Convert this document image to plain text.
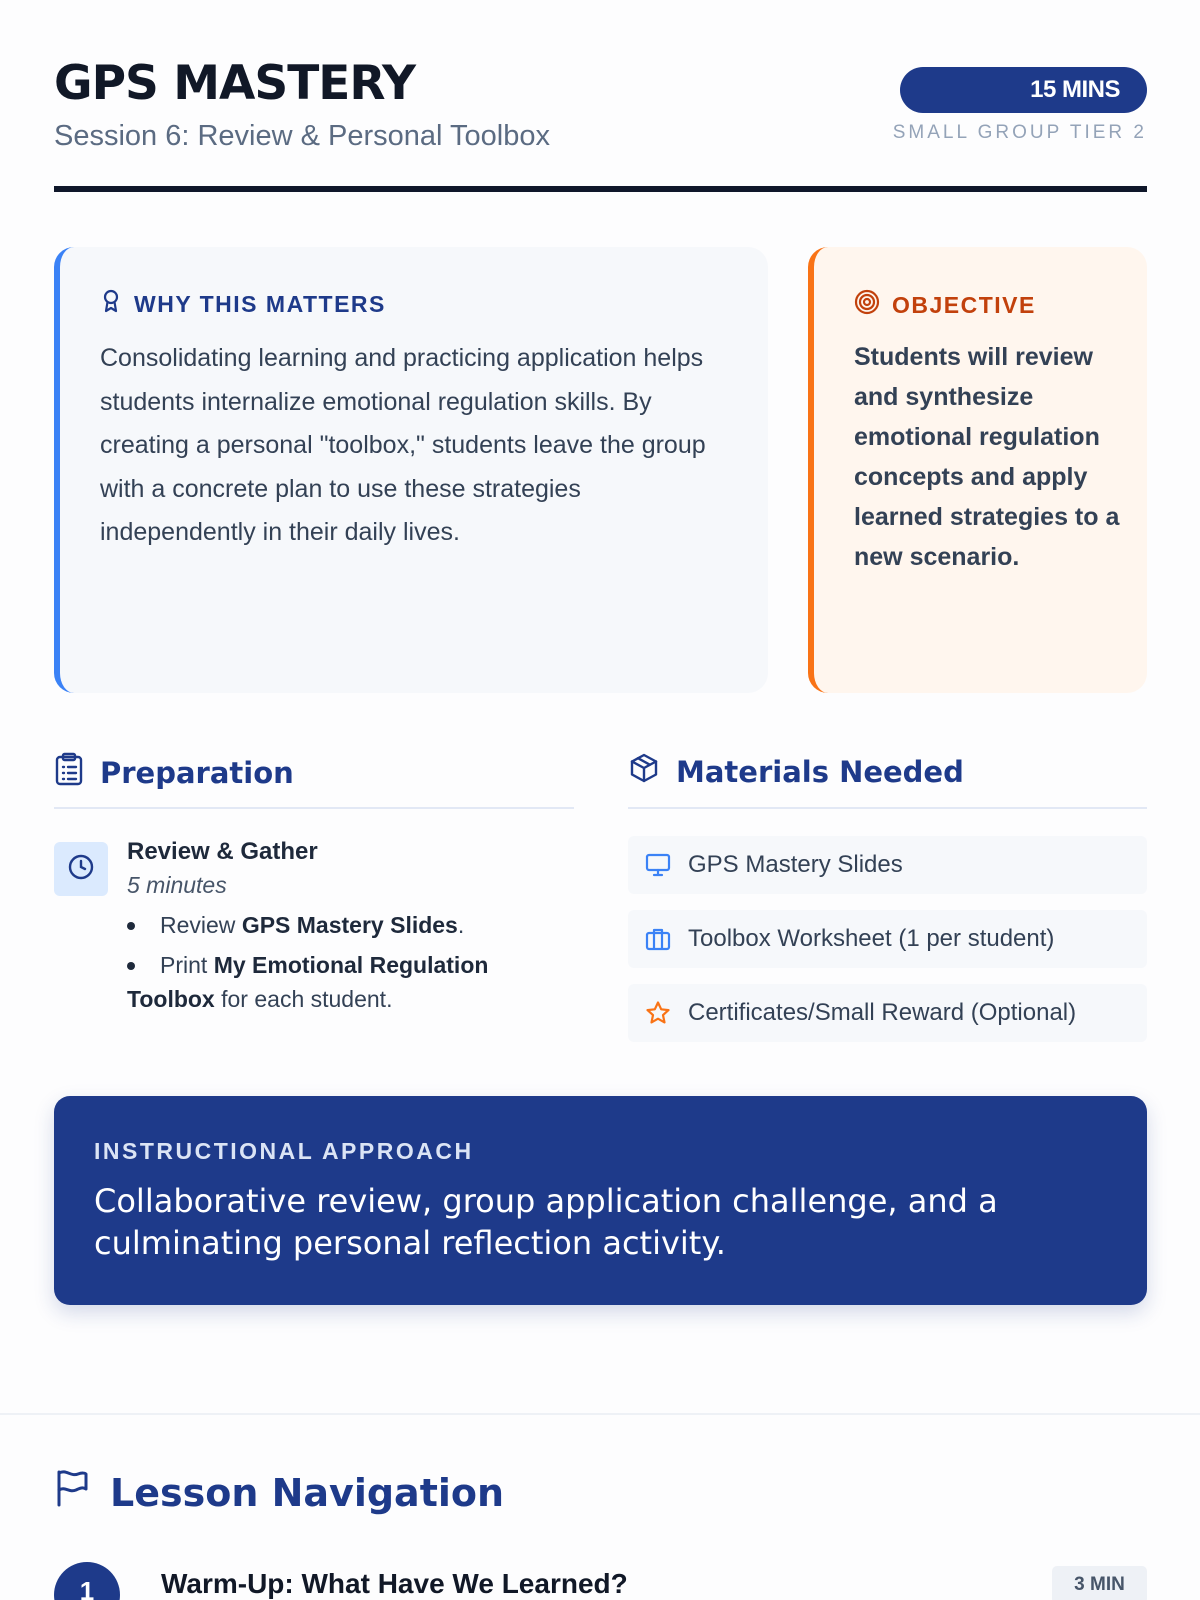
GPS MASTERY
Session 6: Review & Personal Toolbox
15 MINS
SMALL GROUP TIER 2
WHY THIS MATTERS
Consolidating learning and practicing application helps students internalize emotional regulation skills. By creating a personal "toolbox," students leave the group with a concrete plan to use these strategies independently in their daily lives.
OBJECTIVE
Students will review and synthesize emotional regulation concepts and apply learned strategies to a new scenario.
Preparation
Review & Gather
5 minutes
Review GPS Mastery Slides.
Print My Emotional Regulation Toolbox for each student.
Materials Needed
GPS Mastery Slides
Toolbox Worksheet (1 per student)
Certificates/Small Reward (Optional)
INSTRUCTIONAL APPROACH
Collaborative review, group application challenge, and a culminating personal reflection activity.
Lesson Navigation
1	Warm-Up: What Have We Learned?	3 MIN
